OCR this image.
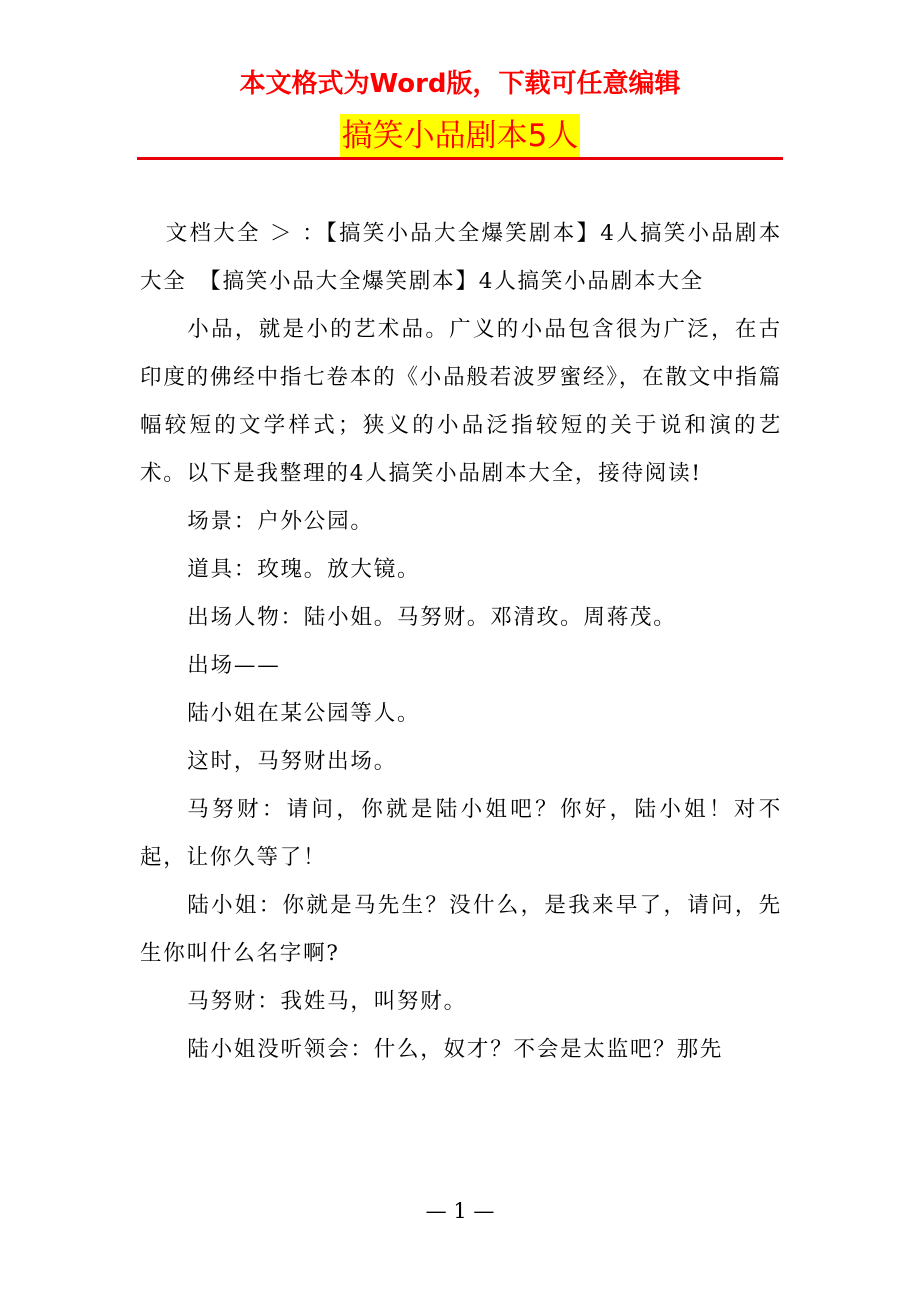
本文格式为Word版，下载可任意编辑
搞笑小品剧本5人

文档大全 ＞ ：【搞笑小品大全爆笑剧本】4人搞笑小品剧本大全　【搞笑小品大全爆笑剧本】4人搞笑小品剧本大全

小品，就是小的艺术品。广义的小品包含很为广泛，在古印度的佛经中指七卷本的《小品般若波罗蜜经》，在散文中指篇幅较短的文学样式；狭义的小品泛指较短的关于说和演的艺术。以下是我整理的4人搞笑小品剧本大全，接待阅读!

场景：户外公园。

道具：玫瑰。放大镜。

出场人物：陆小姐。马努财。邓清玫。周蒋茂。

出场——

陆小姐在某公园等人。

这时，马努财出场。

马努财：请问，你就是陆小姐吧？你好，陆小姐！对不起，让你久等了！

陆小姐：你就是马先生？没什么，是我来早了，请问，先生你叫什么名字啊?

马努财：我姓马，叫努财。

陆小姐没听领会：什么，奴才？不会是太监吧？那先

— 1 —
